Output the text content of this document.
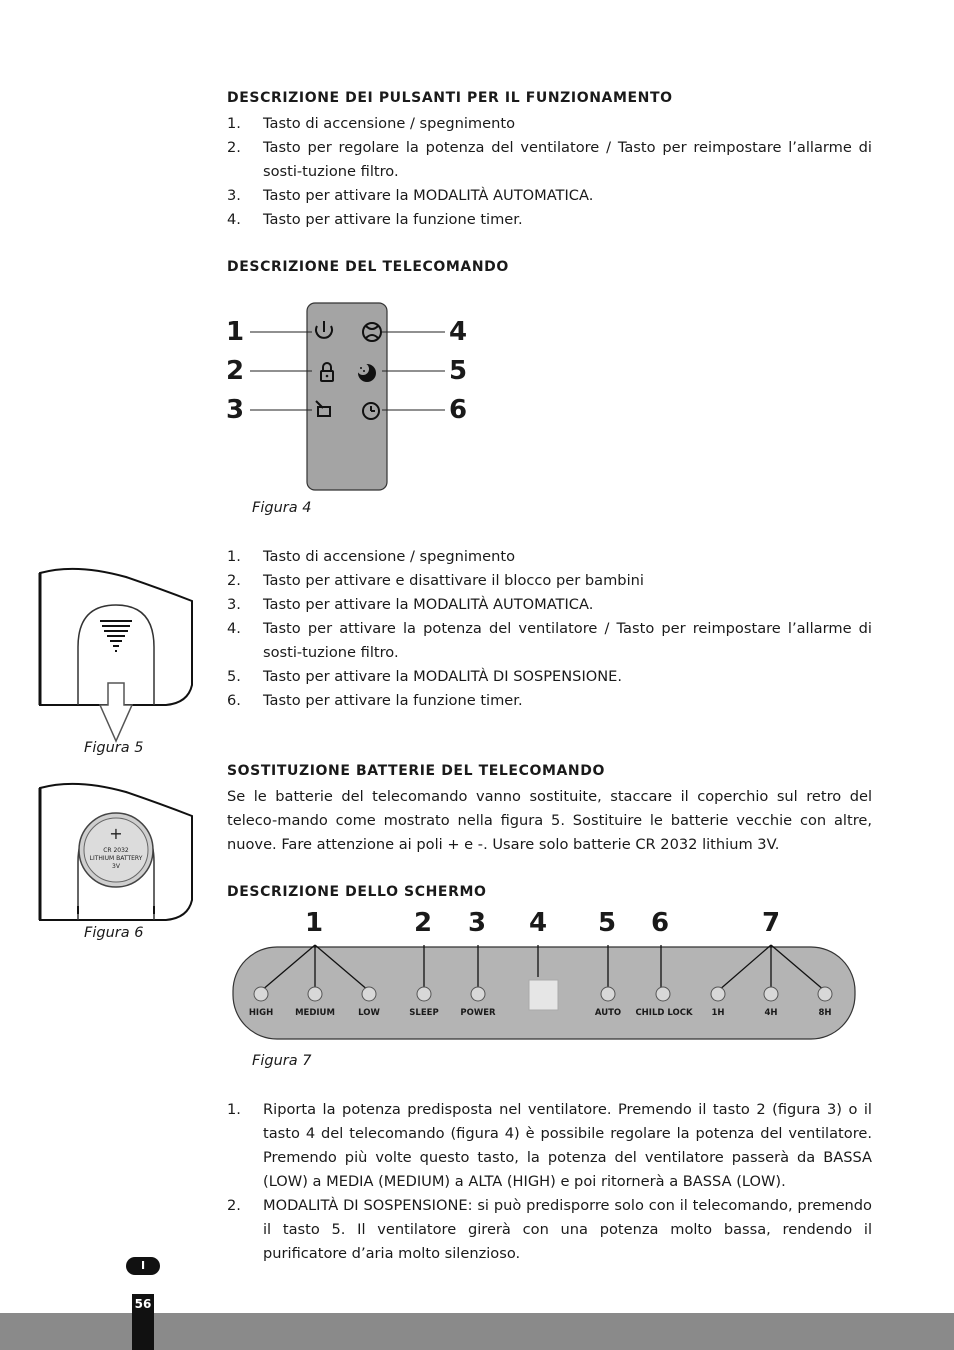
DESCRIZIONE DEI PULSANTI PER IL FUNZIONAMENTO
1. Tasto di accensione / spegnimento
2. Tasto per regolare la potenza del ventilatore / Tasto per reimpostare l’allarme di sosti-tuzione filtro.
3. Tasto per attivare la MODALITÀ AUTOMATICA.
4. Tasto per attivare la funzione timer.
DESCRIZIONE DEL TELECOMANDO
1
2
3
4
5
6
Figura 4
1. Tasto di accensione / spegnimento
2. Tasto per attivare e disattivare il blocco per bambini
3. Tasto per attivare la MODALITÀ AUTOMATICA.
4. Tasto per attivare la potenza del ventilatore / Tasto per reimpostare l’allarme di sosti-tuzione filtro.
5. Tasto per attivare la MODALITÀ DI SOSPENSIONE.
6. Tasto per attivare la funzione timer.
Figura 5
SOSTITUZIONE BATTERIE DEL TELECOMANDO
Se le batterie del telecomando vanno sostituite, staccare il coperchio sul retro del teleco-mando come mostrato nella figura 5. Sostituire le batterie vecchie con altre, nuove. Fare attenzione ai poli + e -. Usare solo batterie CR 2032 lithium 3V.
+
CR 2032
LITHIUM BATTERY
3V
Figura 6
DESCRIZIONE DELLO SCHERMO
1	2 3 4 5 6	7
HIGH	MEDIUM	LOW	SLEEP	POWER	AUTO	CHILD LOCK	1H	4H	8H
Figura 7
1. Riporta la potenza predisposta nel ventilatore. Premendo il tasto 2 (figura 3) o il tasto 4 del telecomando (figura 4) è possibile regolare la potenza del ventilatore. Premendo più volte questo tasto, la potenza del ventilatore passerà da BASSA (LOW) a MEDIA (MEDIUM) a ALTA (HIGH) e poi ritornerà a BASSA (LOW).
2. MODALITÀ DI SOSPENSIONE: si può predisporre solo con il telecomando, premendo il tasto 5. Il ventilatore girerà con una potenza molto bassa, rendendo il purificatore d’aria molto silenzioso.
I
56
